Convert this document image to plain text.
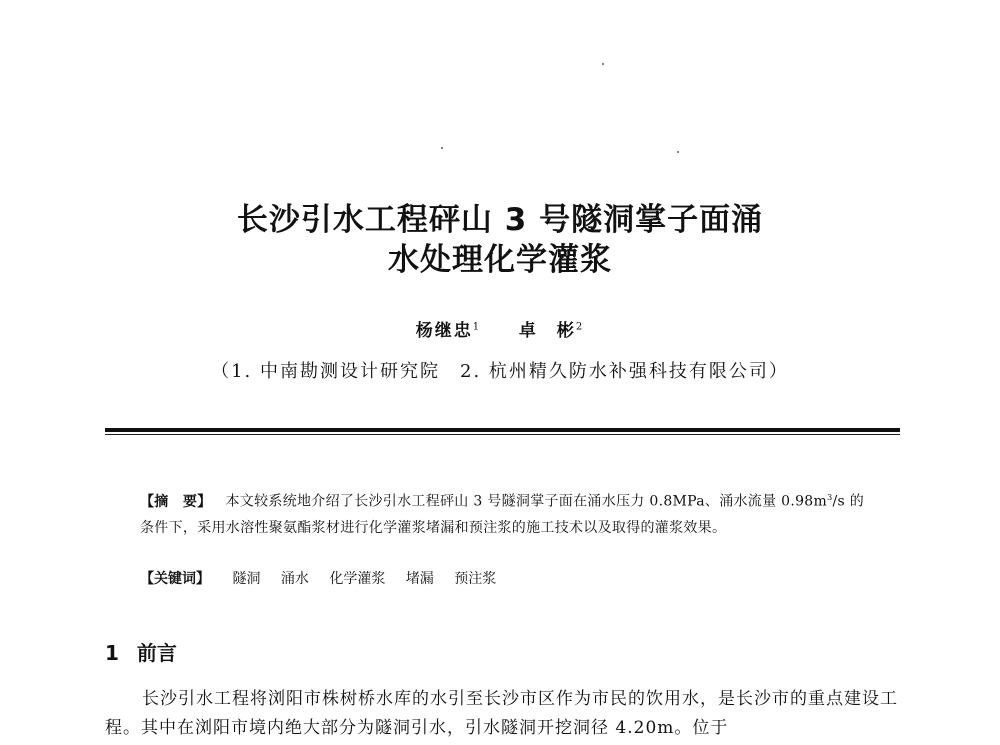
长沙引水工程砰山 3 号隧洞掌子面涌
水处理化学灌浆
杨继忠$^1$ 卓　彬$^2$
（1. 中南勘测设计研究院　2. 杭州精久防水补强科技有限公司）
【摘　要】 本文较系统地介绍了长沙引水工程砰山 3 号隧洞掌子面在涌水压力 0.8MPa、涌水流量 $0.98m^3/s$ 的条件下，采用水溶性聚氨酯浆材进行化学灌浆堵漏和预注浆的施工技术以及取得的灌浆效果。
【关键词】 隧洞 涌水 化学灌浆 堵漏 预注浆
1 前言
长沙引水工程将浏阳市株树桥水库的水引至长沙市区作为市民的饮用水，是长沙市的重点建设工程。其中在浏阳市境内绝大部分为隧洞引水，引水隧洞开挖洞径 4.20m。位于
